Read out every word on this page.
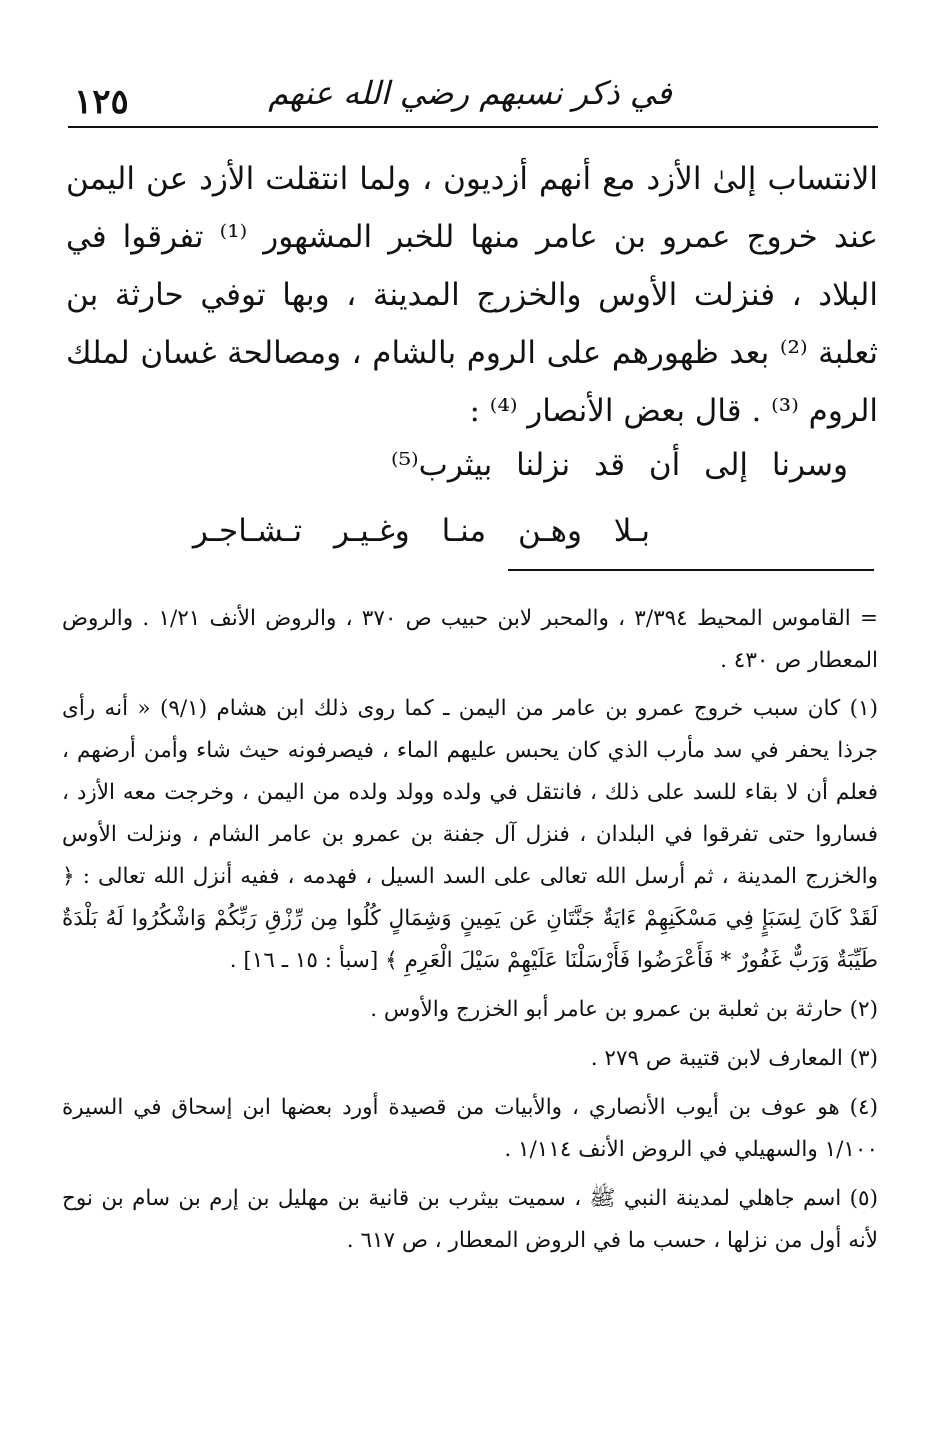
١٢٥	في ذكر نسبهم رضي الله عنهم

الانتساب إلىٰ الأزد مع أنهم أزديون ، ولما انتقلت الأزد عن اليمن عند خروج عمرو بن عامر منها للخبر المشهور ⁽¹⁾ تفرقوا في البلاد ، فنزلت الأوس والخزرج المدينة ، وبها توفي حارثة بن ثعلبة ⁽²⁾ بعد ظهورهم على الروم بالشام ، ومصالحة غسان لملك الروم ⁽³⁾ . قال بعض الأنصار ⁽⁴⁾ :

وسرنا إلى أن قد نزلنا بيثرب⁽⁵⁾
بـلا وهـن منـا وغـيـر تـشـاجـر

= القاموس المحيط ٣/٣٩٤ ، والمحبر لابن حبيب ص ٣٧٠ ، والروض الأنف ١/٢١ . والروض المعطار ص ٤٣٠ .

(١) كان سبب خروج عمرو بن عامر من اليمن ـ كما روى ذلك ابن هشام (٩/١) « أنه رأى جرذا يحفر في سد مأرب الذي كان يحبس عليهم الماء ، فيصرفونه حيث شاء وأمن أرضهم ، فعلم أن لا بقاء للسد على ذلك ، فانتقل في ولده وولد ولده من اليمن ، وخرجت معه الأزد ، فساروا حتى تفرقوا في البلدان ، فنزل آل جفنة بن عمرو بن عامر الشام ، ونزلت الأوس والخزرج المدينة ، ثم أرسل الله تعالى على السد السيل ، فهدمه ، ففيه أنزل الله تعالى : ﴿ لَقَدْ كَانَ لِسَبَإٍ فِي مَسْكَنِهِمْ ءَايَةٌ جَنَّتَانِ عَن يَمِينٍ وَشِمَالٍ كُلُوا مِن رِّزْقِ رَبِّكُمْ وَاشْكُرُوا لَهُ بَلْدَةٌ طَيِّبَةٌ وَرَبٌّ غَفُورٌ * فَأَعْرَضُوا فَأَرْسَلْنَا عَلَيْهِمْ سَيْلَ الْعَرِمِ ﴾ [سبأ : ١٥ ـ ١٦] .

(٢) حارثة بن ثعلبة بن عمرو بن عامر أبو الخزرج والأوس .

(٣) المعارف لابن قتيبة ص ٢٧٩ .

(٤) هو عوف بن أيوب الأنصاري ، والأبيات من قصيدة أورد بعضها ابن إسحاق في السيرة ١/١٠٠ والسهيلي في الروض الأنف ١/١١٤ .

(٥) اسم جاهلي لمدينة النبي ﷺ ، سميت بيثرب بن قانية بن مهليل بن إرم بن سام بن نوح لأنه أول من نزلها ، حسب ما في الروض المعطار ، ص ٦١٧ .
